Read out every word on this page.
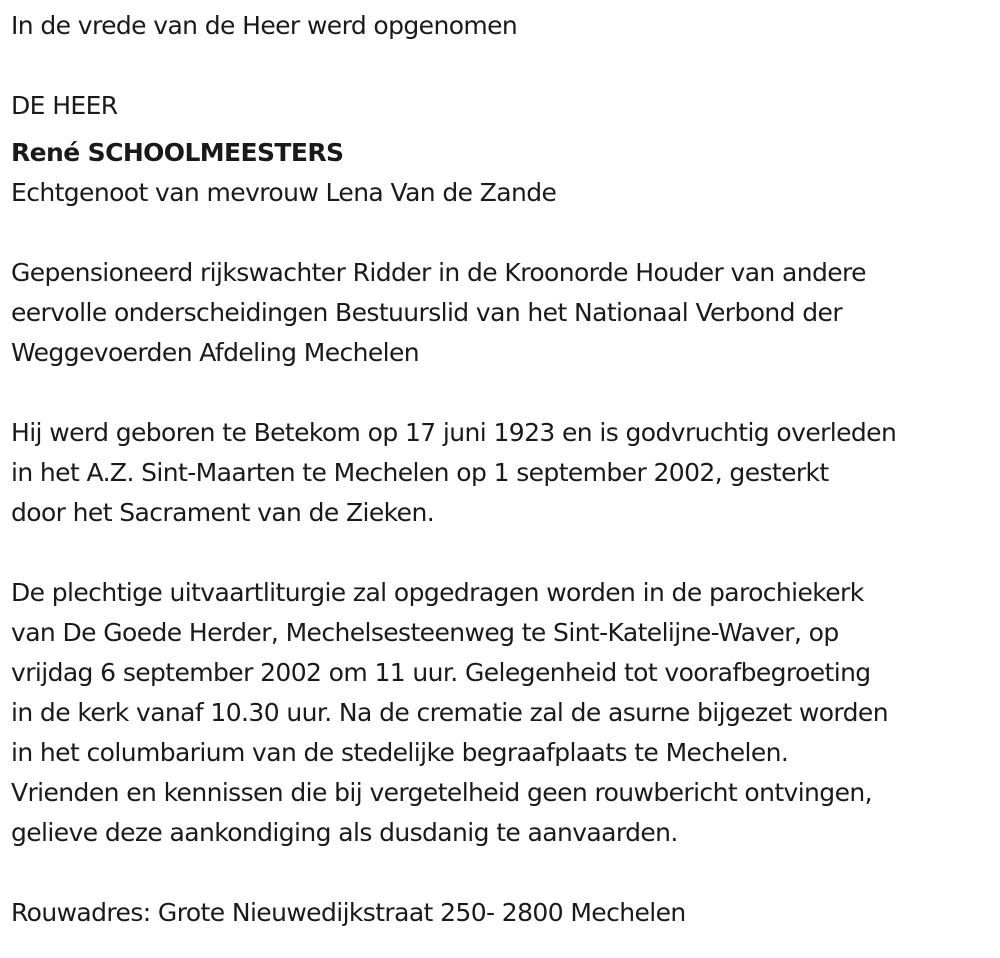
In de vrede van de Heer werd opgenomen

DE HEER

René SCHOOLMEESTERS

Echtgenoot van mevrouw Lena Van de Zande

Gepensioneerd rijkswachter Ridder in de Kroonorde Houder van andere

eervolle onderscheidingen Bestuurslid van het Nationaal Verbond der

Weggevoerden Afdeling Mechelen

Hij werd geboren te Betekom op 17 juni 1923 en is godvruchtig overleden

in het A.Z. Sint-Maarten te Mechelen op 1 september 2002, gesterkt

door het Sacrament van de Zieken.

De plechtige uitvaartliturgie zal opgedragen worden in de parochiekerk

van De Goede Herder, Mechelsesteenweg te Sint-Katelijne-Waver, op

vrijdag 6 september 2002 om 11 uur. Gelegenheid tot voorafbegroeting

in de kerk vanaf 10.30 uur. Na de crematie zal de asurne bijgezet worden

in het columbarium van de stedelijke begraafplaats te Mechelen.

Vrienden en kennissen die bij vergetelheid geen rouwbericht ontvingen,

gelieve deze aankondiging als dusdanig te aanvaarden.

Rouwadres: Grote Nieuwedijkstraat 250- 2800 Mechelen
